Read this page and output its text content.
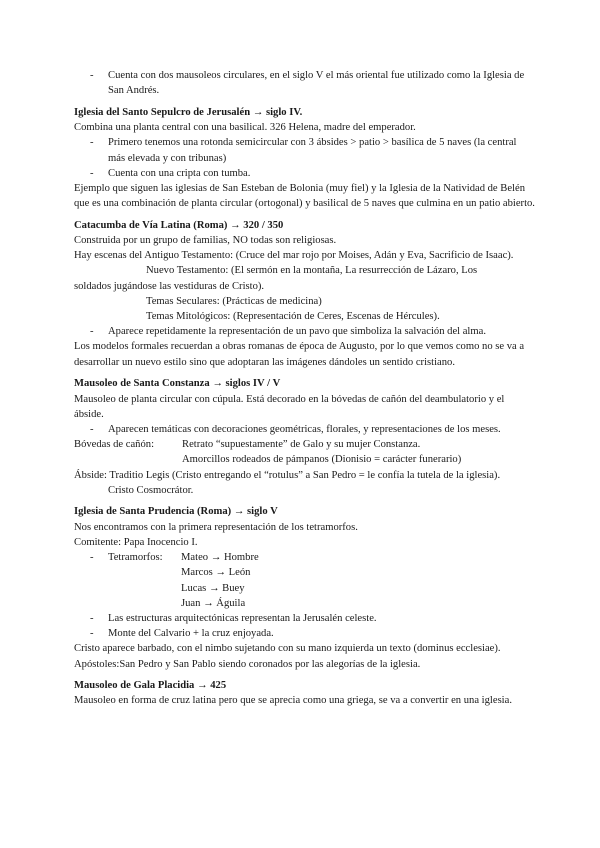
- Cuenta con dos mausoleos circulares, en el siglo V el más oriental fue utilizado como la Iglesia de San Andrés.

Iglesia del Santo Sepulcro de Jerusalén → siglo IV.

Combina una planta central con una basilical. 326 Helena, madre del emperador.

- Primero tenemos una rotonda semicircular con 3 ábsides > patio > basílica de 5 naves (la central más elevada y con tribunas)
- Cuenta con una cripta con tumba.

Ejemplo que siguen las iglesias de San Esteban de Bolonia (muy fiel) y la Iglesia de la Natividad de Belén que es una combinación de planta circular (ortogonal) y basilical de 5 naves que culmina en un patio abierto.

Catacumba de Vía Latina (Roma) → 320 / 350

Construida por un grupo de familias, NO todas son religiosas.

Hay escenas del Antiguo Testamento: (Cruce del mar rojo por Moises, Adán y Eva, Sacrificio de Isaac).

Nuevo Testamento: (El sermón en la montaña, La resurrección de Lázaro, Los

soldados jugándose las vestiduras de Cristo).

Temas Seculares: (Prácticas de medicina)

Temas Mitológicos: (Representación de Ceres, Escenas de Hércules).

- Aparece repetidamente la representación de un pavo que simboliza la salvación del alma.

Los modelos formales recuerdan a obras romanas de época de Augusto, por lo que vemos como no se va a desarrollar un nuevo estilo sino que adoptaran las imágenes dándoles un sentido cristiano.

Mausoleo de Santa Constanza → siglos IV / V

Mausoleo de planta circular con cúpula. Está decorado en la bóvedas de cañón del deambulatorio y el ábside.

- Aparecen temáticas con decoraciones geométricas, florales, y representaciones de los meses.
Bóvedas de cañón:	Retrato “supuestamente” de Galo y su mujer Constanza.

Amorcillos rodeados de pámpanos (Dionisio = carácter funerario)

Ábside: Traditio Legis (Cristo entregando el “rotulus” a San Pedro = le confía la tutela de la iglesia).

Cristo Cosmocrátor.

Iglesia de Santa Prudencia (Roma) → siglo V

Nos encontramos con la primera representación de los tetramorfos.

Comitente: Papa Inocencio I.

- Tetramorfos:	Mateo → Hombre

Marcos → León

Lucas → Buey

Juan → Águila

- Las estructuras arquitectónicas representan la Jerusalén celeste.
- Monte del Calvario + la cruz enjoyada.

Cristo aparece barbado, con el nimbo sujetando con su mano izquierda un texto (dominus ecclesiae).

Apóstoles:San Pedro y San Pablo siendo coronados por las alegorías de la iglesia.

Mausoleo de Gala Placidia → 425

Mausoleo en forma de cruz latina pero que se aprecia como una griega, se va a convertir en una iglesia.
